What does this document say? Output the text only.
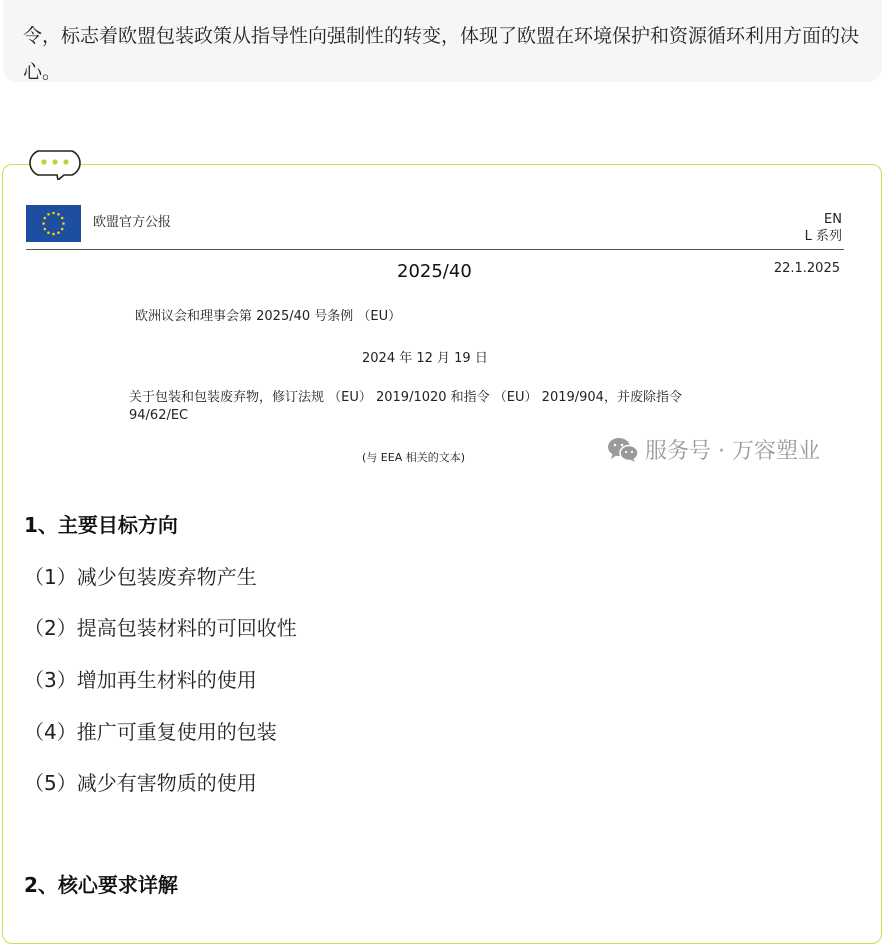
令，标志着欧盟包装政策从指导性向强制性的转变，体现了欧盟在环境保护和资源循环利用方面的决心。

欧盟官方公报	EN
L 系列
2025/40	22.1.2025
欧洲议会和理事会第 2025/40 号条例 （EU）
2024 年 12 月 19 日
关于包装和包装废弃物，修订法规 （EU） 2019/1020 和指令 （EU） 2019/904，并废除指令 94/62/EC
(与 EEA 相关的文本)	服务号 · 万容塑业
1、主要目标方向

（1）减少包装废弃物产生

（2）提高包装材料的可回收性

（3）增加再生材料的使用

（4）推广可重复使用的包装

（5）减少有害物质的使用

2、核心要求详解
